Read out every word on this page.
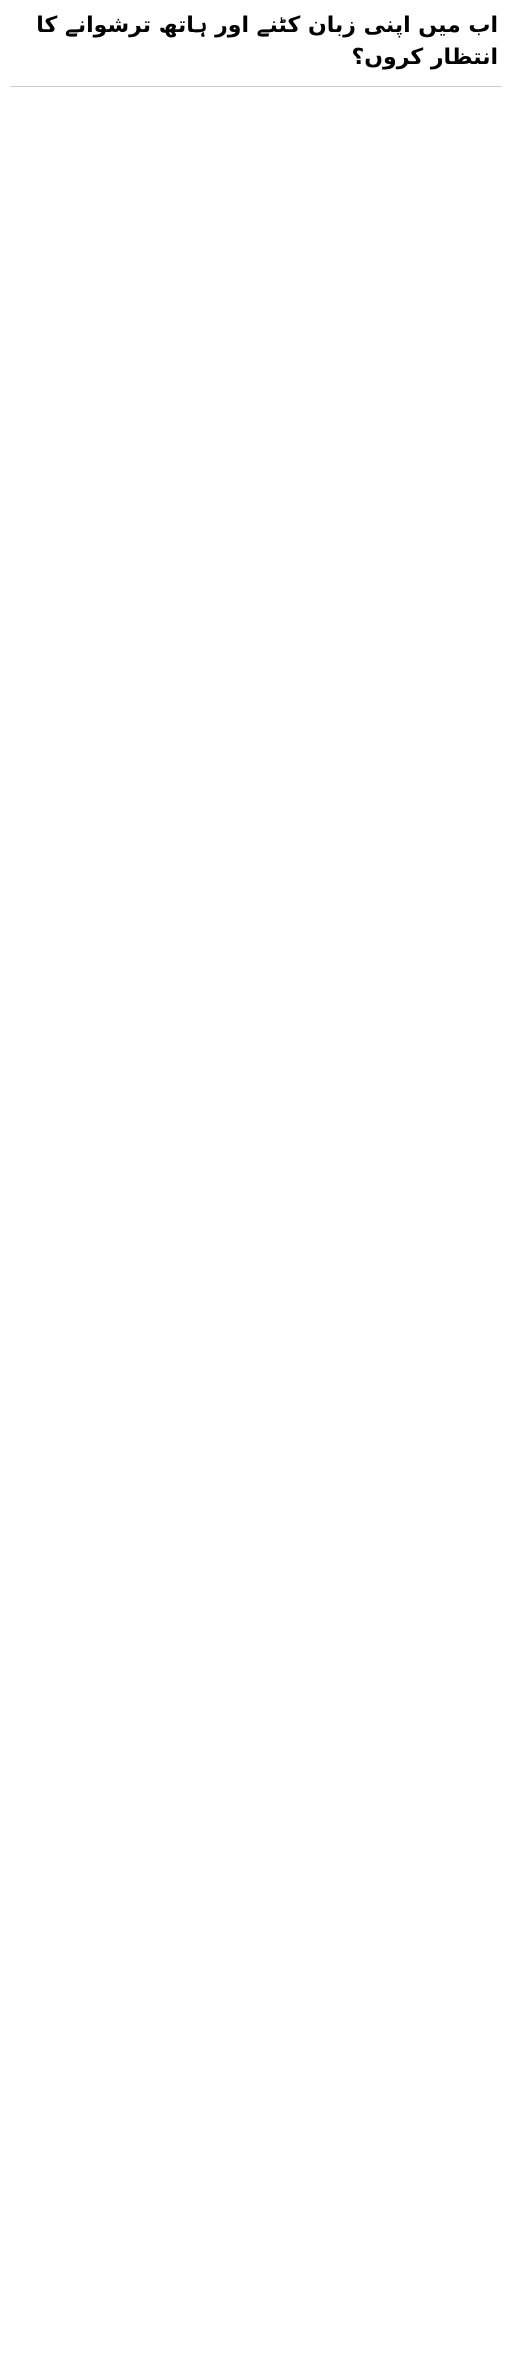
اب میں اپنی زبان کٹنے اور ہاتھ ترشوانے کا انتظار کروں؟
